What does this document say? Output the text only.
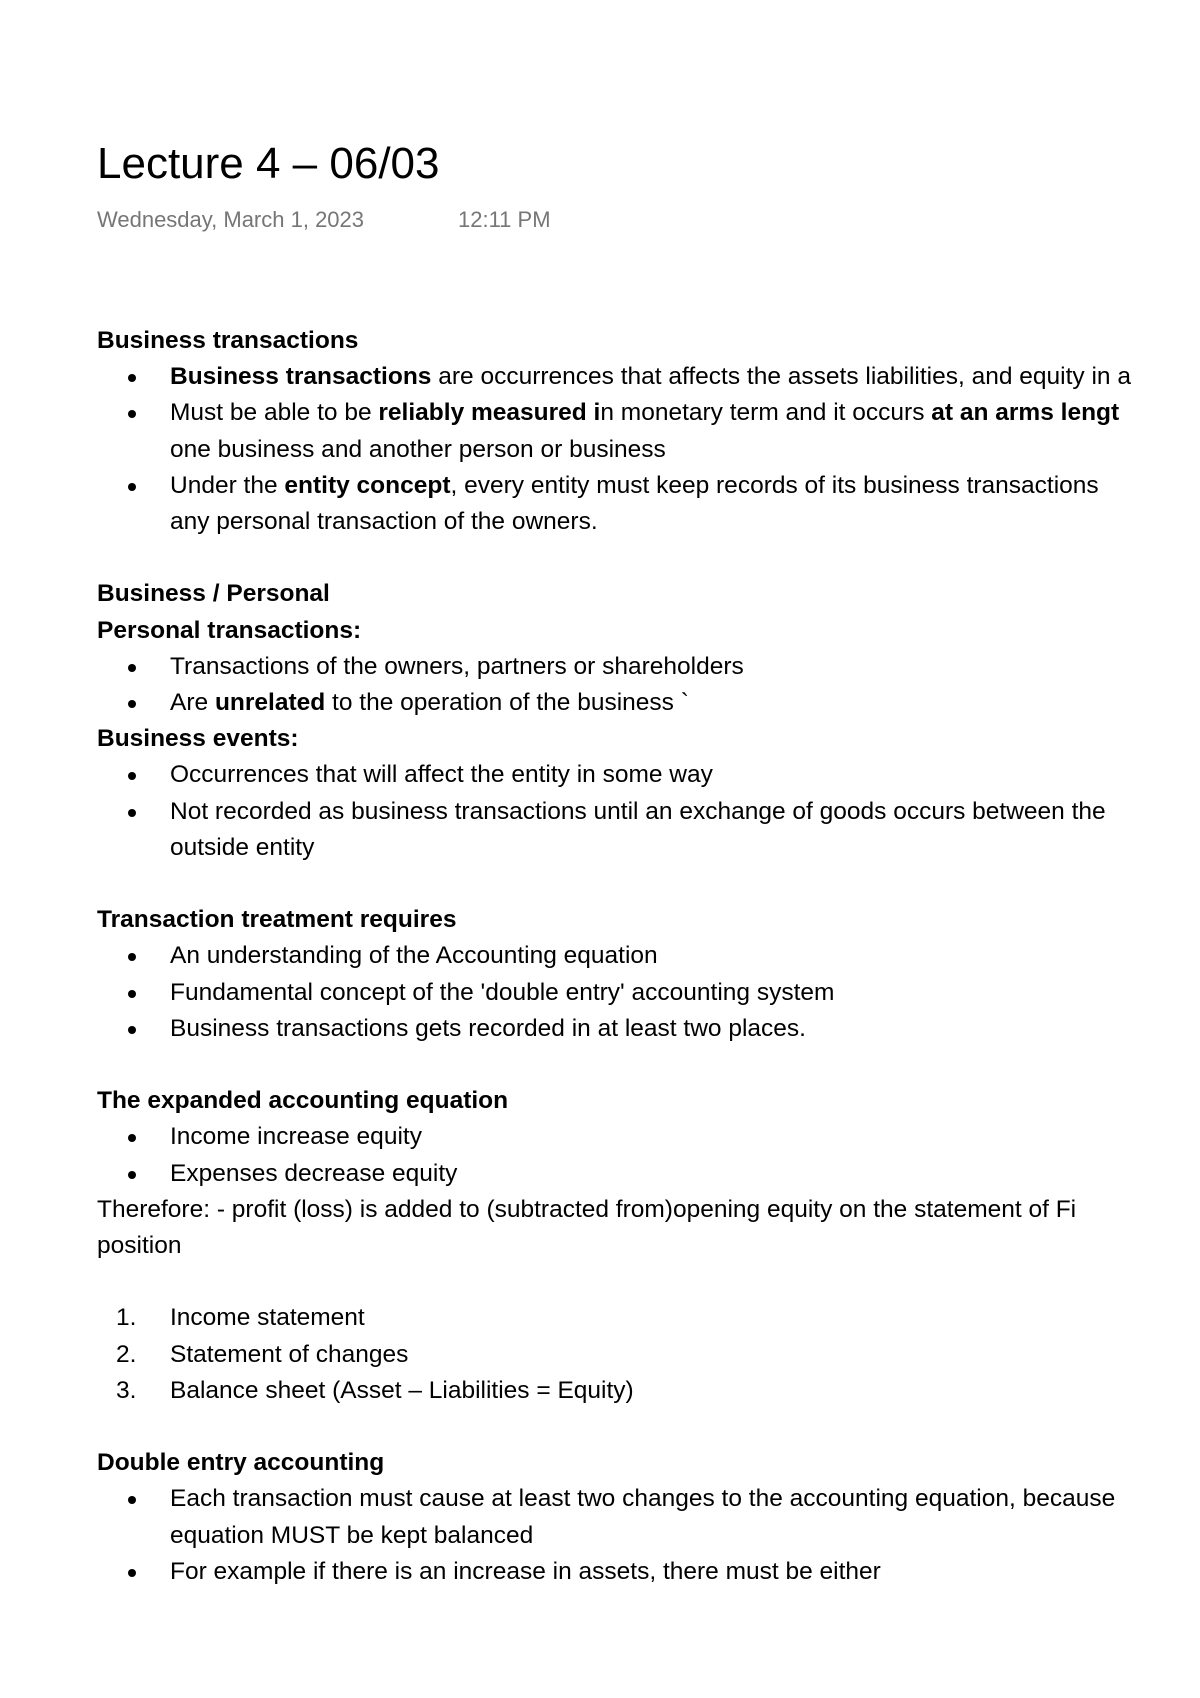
Lecture 4 – 06/03
Wednesday, March 1, 2023	12:11 PM
Business transactions
Business transactions are occurrences that affects the assets liabilities, and equity in a
Must be able to be reliably measured in monetary term and it occurs at an arms lengt
one business and another person or business
Under the entity concept, every entity must keep records of its business transactions
any personal transaction of the owners.
Business / Personal
Personal transactions:
Transactions of the owners, partners or shareholders
Are unrelated to the operation of the business `
Business events:
Occurrences that will affect the entity in some way
Not recorded as business transactions until an exchange of goods occurs between the
outside entity
Transaction treatment requires
An understanding of the Accounting equation
Fundamental concept of the 'double entry' accounting system
Business transactions gets recorded in at least two places.
The expanded accounting equation
Income increase equity
Expenses decrease equity
Therefore: - profit (loss) is added to (subtracted from)opening equity on the statement of Fi
position
1. Income statement
2. Statement of changes
3. Balance sheet (Asset – Liabilities = Equity)
Double entry accounting
Each transaction must cause at least two changes to the accounting equation, because
equation MUST be kept balanced
For example if there is an increase in assets, there must be either
